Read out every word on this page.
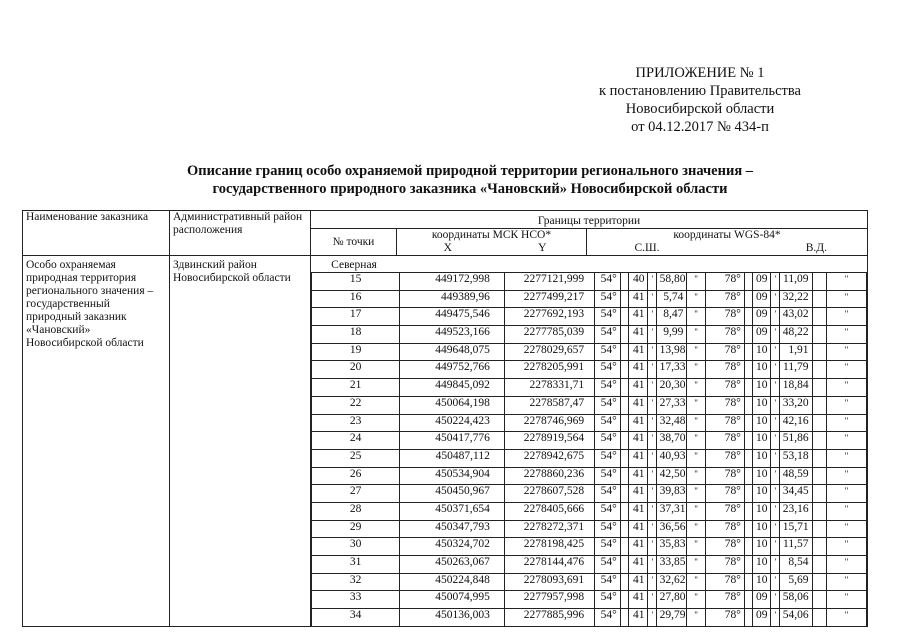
ПРИЛОЖЕНИЕ № 1
к постановлению Правительства
Новосибирской области
от 04.12.2017 № 434-п
Описание границ особо охраняемой природной территории регионального значения –
государственного природного заказника «Чановский» Новосибирской области
Наименование заказника	Административный район расположения	Границы территории
№ точки	координаты МСК НСО*	координаты WGS-84*
X	Y	С.Ш.	В.Д.

Особо охраняемая природная территория регионального значения – государственный природный заказник «Чановский» Новосибирской области	Здвинский район Новосибирской области	
Северная
15	449172,998	2277121,999	54°		40	'	58,80	"	78°		09	'	11,09		"
16	449389,96	2277499,217	54°		41	'	5,74	"	78°		09	'	32,22		"
17	449475,546	2277692,193	54°		41	'	8,47	"	78°		09	'	43,02		"
18	449523,166	2277785,039	54°		41	'	9,99	"	78°		09	'	48,22		"
19	449648,075	2278029,657	54°		41	'	13,98	"	78°		10	'	1,91		"
20	449752,766	2278205,991	54°		41	'	17,33	"	78°		10	'	11,79		"
21	449845,092	2278331,71	54°		41	'	20,30	"	78°		10	'	18,84		"
22	450064,198	2278587,47	54°		41	'	27,33	"	78°		10	'	33,20		"
23	450224,423	2278746,969	54°		41	'	32,48	"	78°		10	'	42,16		"
24	450417,776	2278919,564	54°		41	'	38,70	"	78°		10	'	51,86		"
25	450487,112	2278942,675	54°		41	'	40,93	"	78°		10	'	53,18		"
26	450534,904	2278860,236	54°		41	'	42,50	"	78°		10	'	48,59		"
27	450450,967	2278607,528	54°		41	'	39,83	"	78°		10	'	34,45		"
28	450371,654	2278405,666	54°		41	'	37,31	"	78°		10	'	23,16		"
29	450347,793	2278272,371	54°		41	'	36,56	"	78°		10	'	15,71		"
30	450324,702	2278198,425	54°		41	'	35,83	"	78°		10	'	11,57		"
31	450263,067	2278144,476	54°		41	'	33,85	"	78°		10	'	8,54		"
32	450224,848	2278093,691	54°		41	'	32,62	"	78°		10	'	5,69		"
33	450074,995	2277957,998	54°		41	'	27,80	"	78°		09	'	58,06		"
34	450136,003	2277885,996	54°		41	'	29,79	"	78°		09	'	54,06		"
